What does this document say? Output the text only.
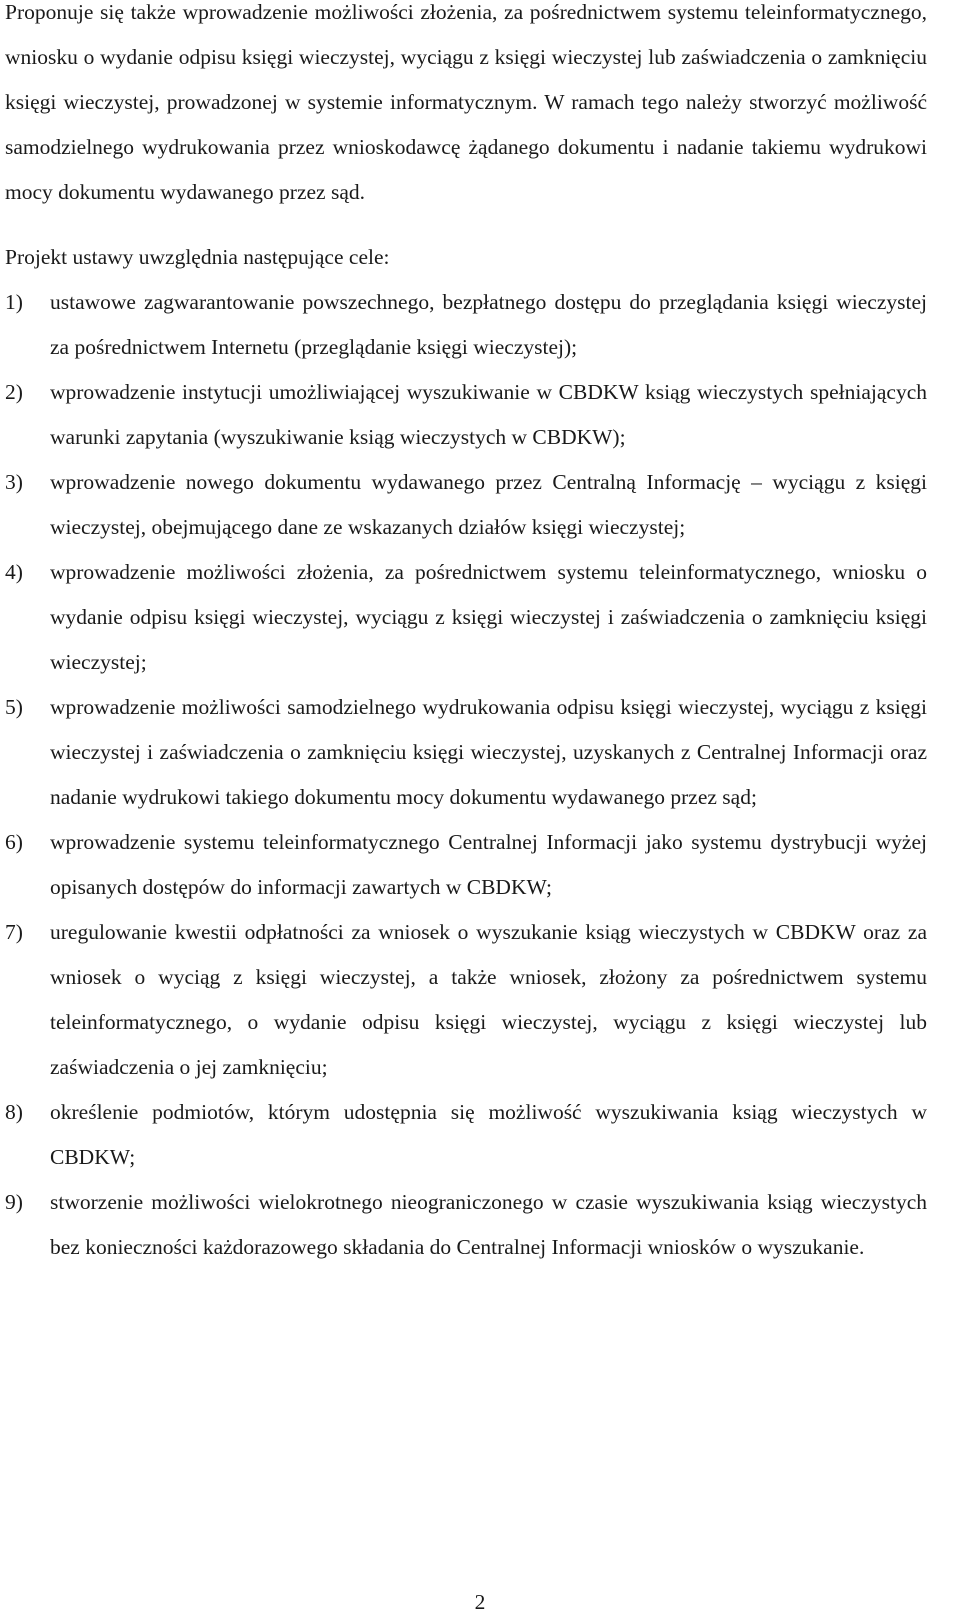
Proponuje się także wprowadzenie możliwości złożenia, za pośrednictwem systemu teleinformatycznego, wniosku o wydanie odpisu księgi wieczystej, wyciągu z księgi wieczystej lub zaświadczenia o zamknięciu księgi wieczystej, prowadzonej w systemie informatycznym. W ramach tego należy stworzyć możliwość samodzielnego wydrukowania przez wnioskodawcę żądanego dokumentu i nadanie takiemu wydrukowi mocy dokumentu wydawanego przez sąd.

Projekt ustawy uwzględnia następujące cele:

1)	ustawowe zagwarantowanie powszechnego, bezpłatnego dostępu do przeglądania księgi wieczystej za pośrednictwem Internetu (przeglądanie księgi wieczystej);
2)	wprowadzenie instytucji umożliwiającej wyszukiwanie w CBDKW ksiąg wieczystych spełniających warunki zapytania (wyszukiwanie ksiąg wieczystych w CBDKW);
3)	wprowadzenie nowego dokumentu wydawanego przez Centralną Informację – wyciągu z księgi wieczystej, obejmującego dane ze wskazanych działów księgi wieczystej;
4)	wprowadzenie możliwości złożenia, za pośrednictwem systemu teleinformatycznego, wniosku o wydanie odpisu księgi wieczystej, wyciągu z księgi wieczystej i zaświadczenia o zamknięciu księgi wieczystej;
5)	wprowadzenie możliwości samodzielnego wydrukowania odpisu księgi wieczystej, wyciągu z księgi wieczystej i zaświadczenia o zamknięciu księgi wieczystej, uzyskanych z Centralnej Informacji oraz nadanie wydrukowi takiego dokumentu mocy dokumentu wydawanego przez sąd;
6)	wprowadzenie systemu teleinformatycznego Centralnej Informacji jako systemu dystrybucji wyżej opisanych dostępów do informacji zawartych w CBDKW;
7)	uregulowanie kwestii odpłatności za wniosek o wyszukanie ksiąg wieczystych w CBDKW oraz za wniosek o wyciąg z księgi wieczystej, a także wniosek, złożony za pośrednictwem systemu teleinformatycznego, o wydanie odpisu księgi wieczystej, wyciągu z księgi wieczystej lub zaświadczenia o jej zamknięciu;
8)	określenie podmiotów, którym udostępnia się możliwość wyszukiwania ksiąg wieczystych w CBDKW;
9)	stworzenie możliwości wielokrotnego nieograniczonego w czasie wyszukiwania ksiąg wieczystych bez konieczności każdorazowego składania do Centralnej Informacji wniosków o wyszukanie.
2
